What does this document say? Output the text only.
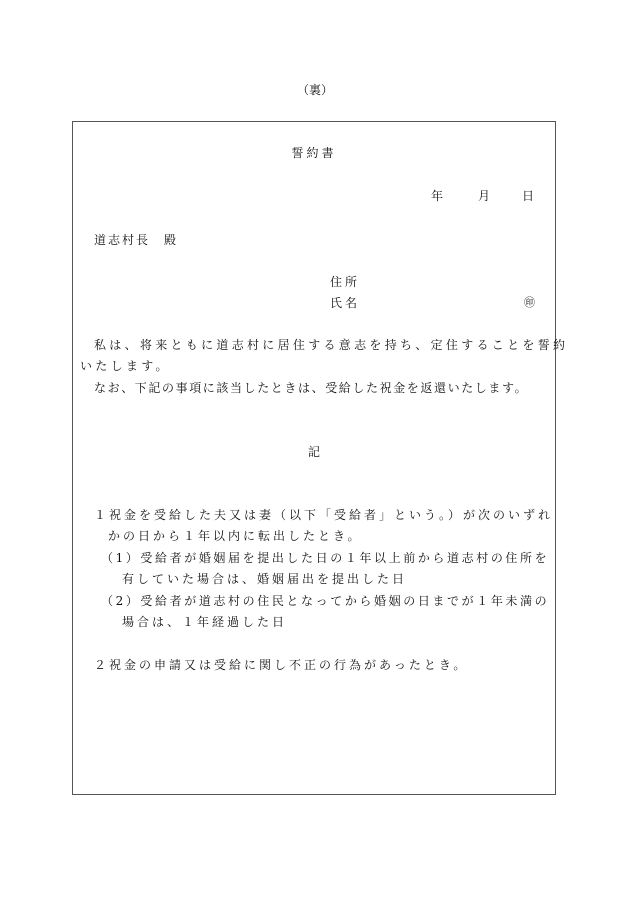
（裏）
誓約書
年	月	日
道志村長　殿
住所
氏名	㊞
私は、将来ともに道志村に居住する意志を持ち、定住することを誓約
いたします。
なお、下記の事項に該当したときは、受給した祝金を返還いたします。
記
１祝金を受給した夫又は妻（以下「受給者」という。）が次のいずれ
かの日から１年以内に転出したとき。
（1）受給者が婚姻届を提出した日の１年以上前から道志村の住所を
有していた場合は、婚姻届出を提出した日
（2）受給者が道志村の住民となってから婚姻の日までが１年未満の
場合は、１年経過した日
２祝金の申請又は受給に関し不正の行為があったとき。
